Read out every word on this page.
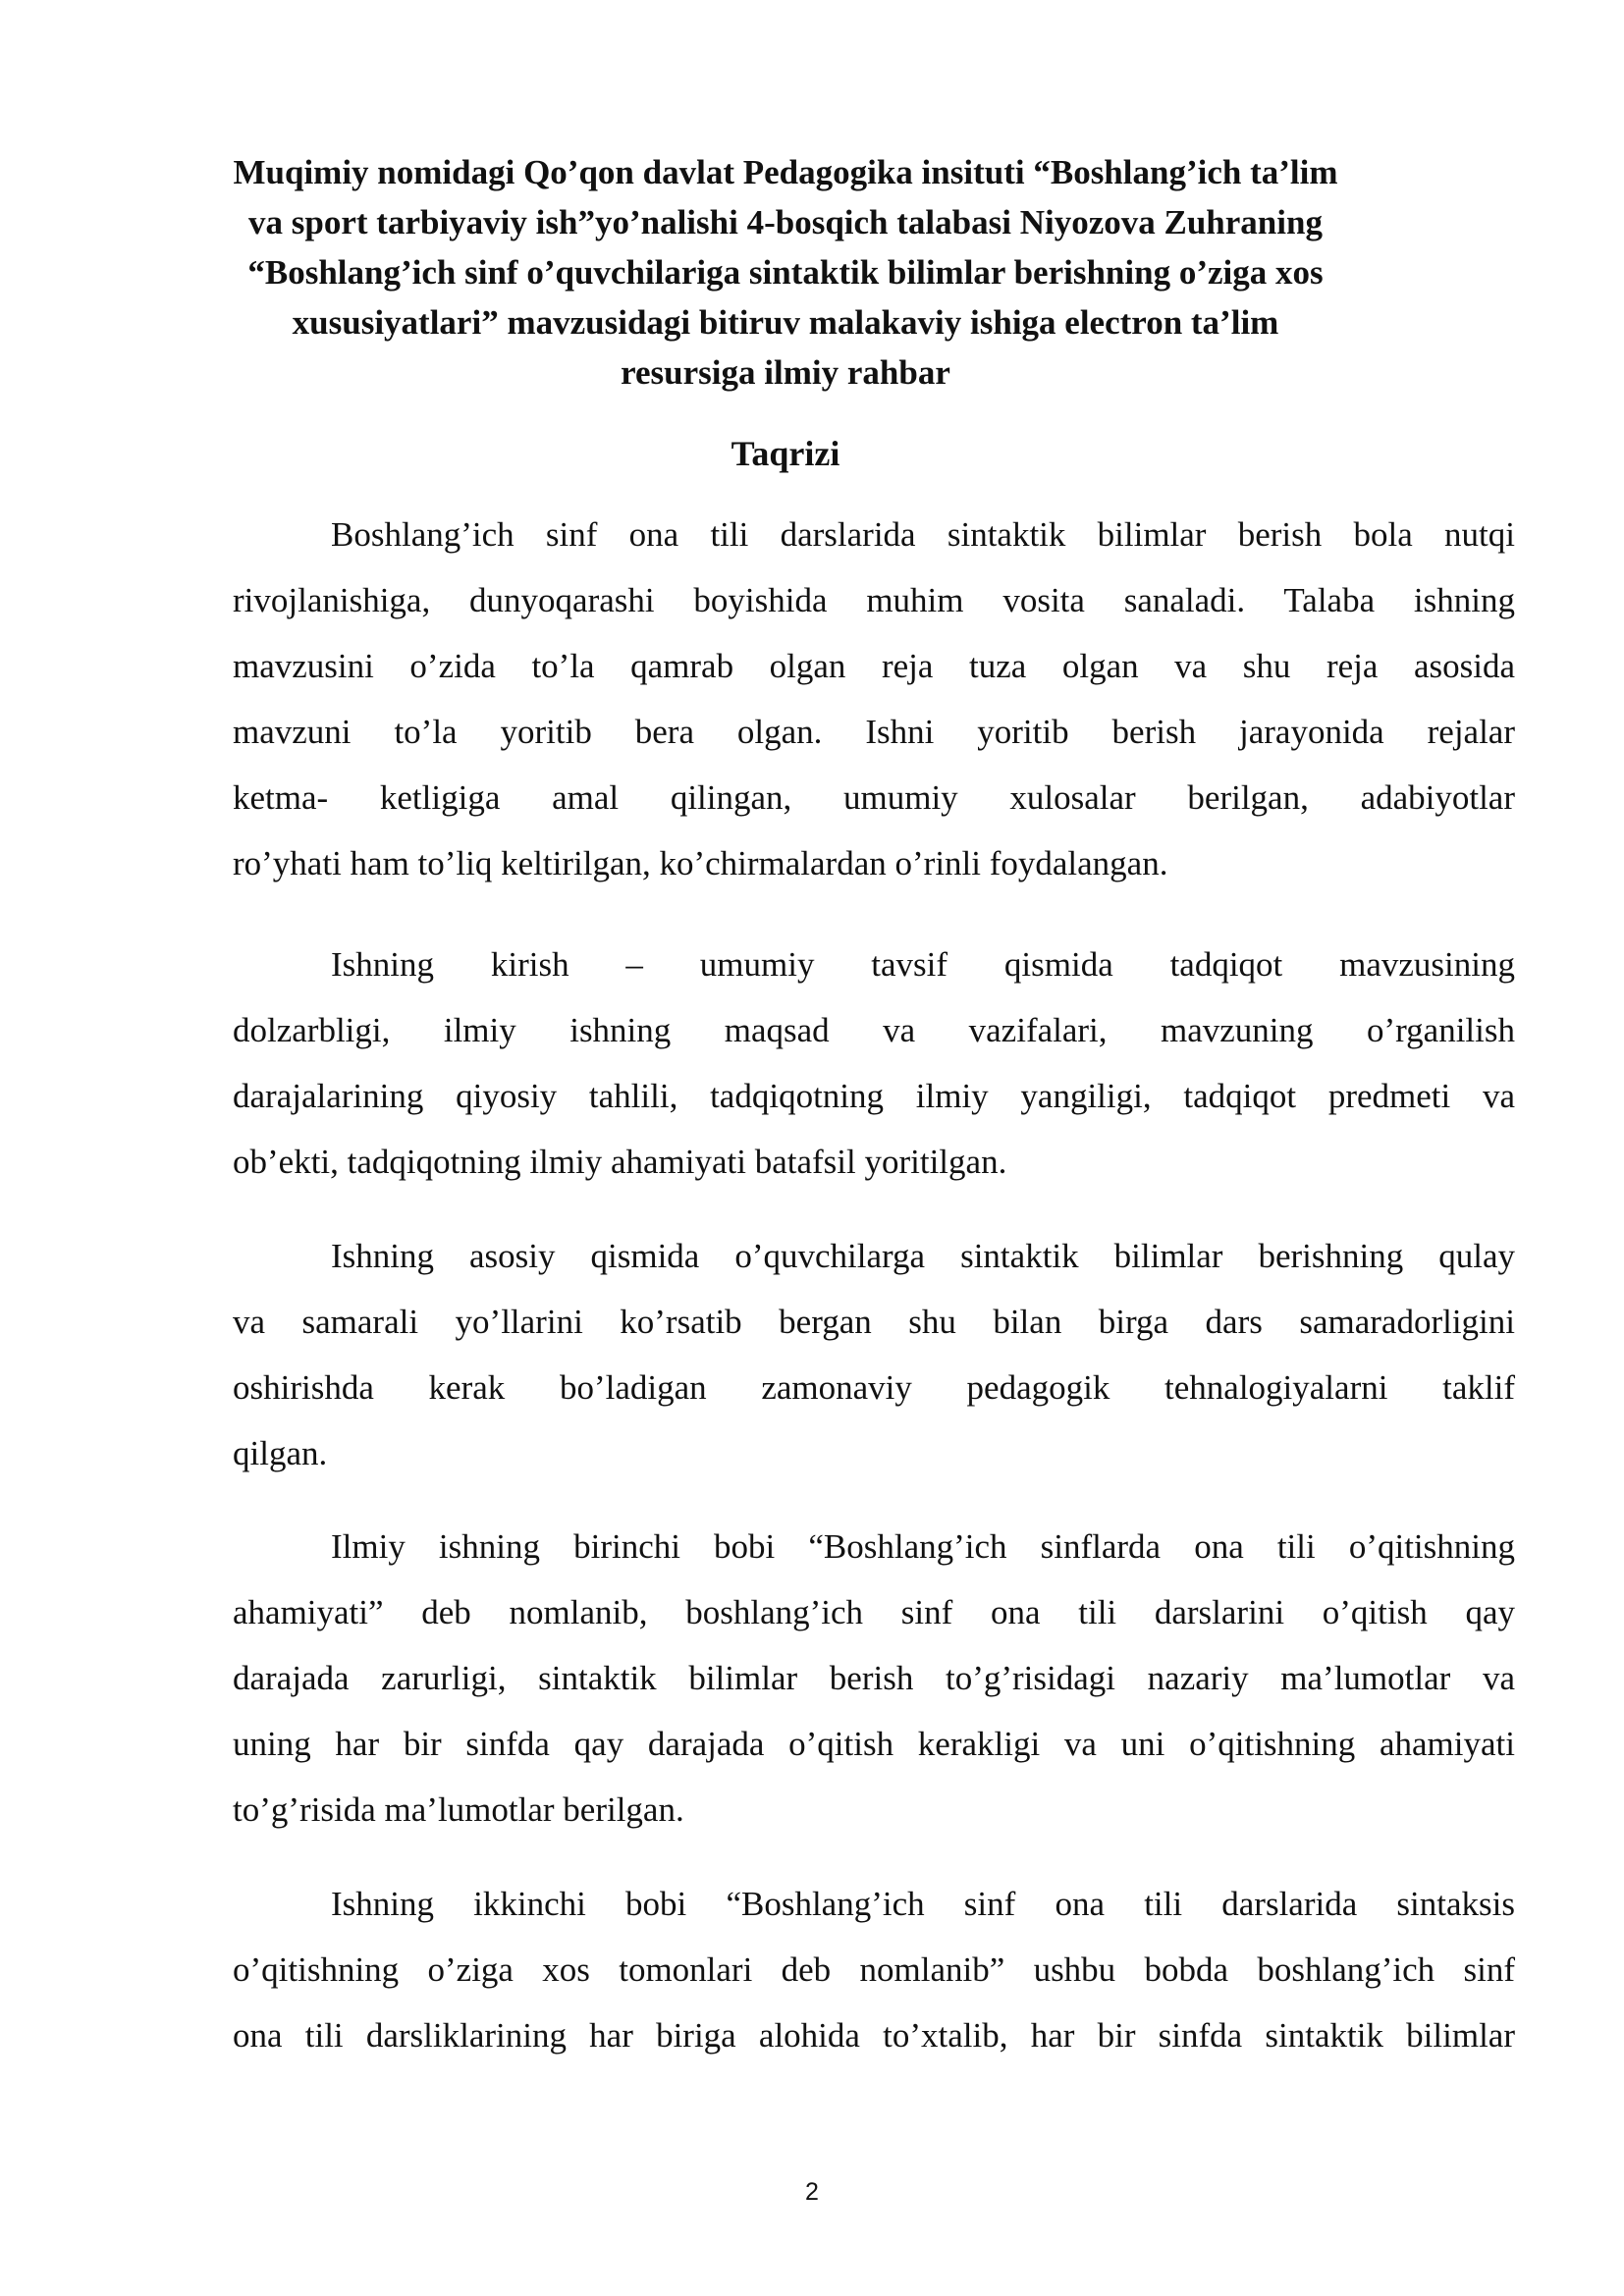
Muqimiy nomidagi Qo’qon davlat Pedagogika insituti “Boshlang’ich ta’lim
va sport tarbiyaviy ish”yo’nalishi 4-bosqich talabasi Niyozova Zuhraning
“Boshlang’ich sinf o’quvchilariga sintaktik bilimlar berishning o’ziga xos
xususiyatlari” mavzusidagi bitiruv malakaviy ishiga electron ta’lim
resursiga ilmiy rahbar
Taqrizi
Boshlang’ich sinf ona tili darslarida sintaktik bilimlar berish bola nutqi
rivojlanishiga, dunyoqarashi boyishida muhim vosita sanaladi. Talaba ishning
mavzusini o’zida to’la qamrab olgan reja tuza olgan va shu reja asosida
mavzuni to’la yoritib bera olgan. Ishni yoritib berish jarayonida rejalar
ketma- ketligiga amal qilingan, umumiy xulosalar berilgan, adabiyotlar
ro’yhati ham to’liq keltirilgan, ko’chirmalardan o’rinli foydalangan.
Ishning kirish – umumiy tavsif qismida tadqiqot mavzusining
dolzarbligi, ilmiy ishning maqsad va vazifalari, mavzuning o’rganilish
darajalarining qiyosiy tahlili, tadqiqotning ilmiy yangiligi, tadqiqot predmeti va
ob’ekti, tadqiqotning ilmiy ahamiyati batafsil yoritilgan.
Ishning asosiy qismida o’quvchilarga sintaktik bilimlar berishning qulay
va samarali yo’llarini ko’rsatib bergan shu bilan birga dars samaradorligini
oshirishda kerak bo’ladigan zamonaviy pedagogik tehnalogiyalarni taklif
qilgan.
Ilmiy ishning birinchi bobi “Boshlang’ich sinflarda ona tili o’qitishning
ahamiyati” deb nomlanib, boshlang’ich sinf ona tili darslarini o’qitish qay
darajada zarurligi, sintaktik bilimlar berish to’g’risidagi nazariy ma’lumotlar va
uning har bir sinfda qay darajada o’qitish kerakligi va uni o’qitishning ahamiyati
to’g’risida ma’lumotlar berilgan.
Ishning ikkinchi bobi “Boshlang’ich sinf ona tili darslarida sintaksis
o’qitishning o’ziga xos tomonlari deb nomlanib” ushbu bobda boshlang’ich sinf
ona tili darsliklarining har biriga alohida to’xtalib, har bir sinfda sintaktik bilimlar
2
